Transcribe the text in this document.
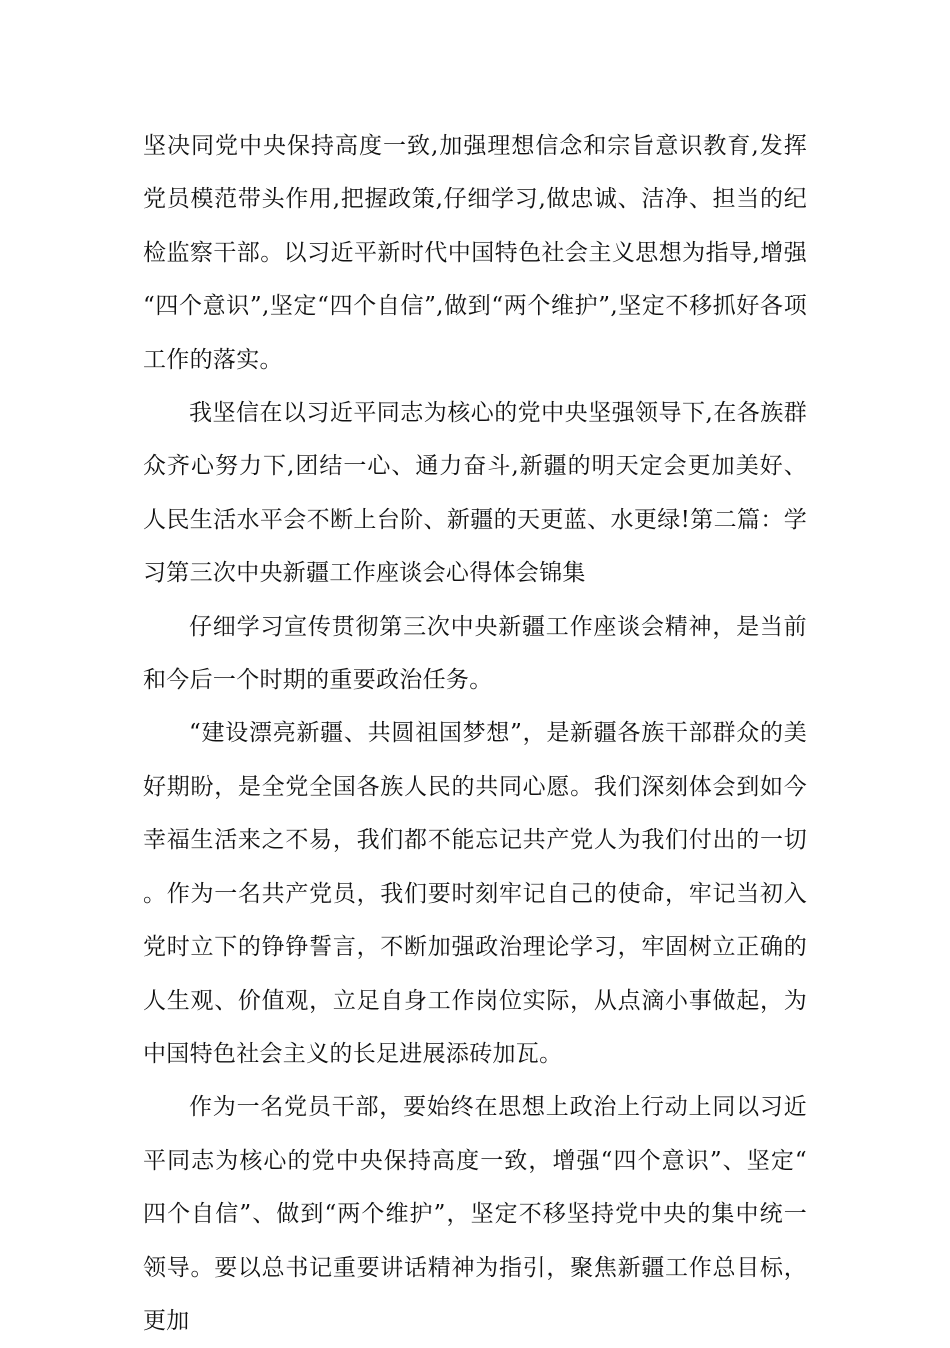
坚决同党中央保持高度一致,加强理想信念和宗旨意识教育,发挥党员模范带头作用,把握政策,仔细学习,做忠诚、洁净、担当的纪检监察干部。以习近平新时代中国特色社会主义思想为指导,增强“四个意识”,坚定“四个自信”,做到“两个维护”,坚定不移抓好各项工作的落实。

我坚信在以习近平同志为核心的党中央坚强领导下,在各族群众齐心努力下,团结一心、通力奋斗,新疆的明天定会更加美好、人民生活水平会不断上台阶、新疆的天更蓝、水更绿!第二篇：学习第三次中央新疆工作座谈会心得体会锦集

仔细学习宣传贯彻第三次中央新疆工作座谈会精神，是当前和今后一个时期的重要政治任务。

“建设漂亮新疆、共圆祖国梦想”，是新疆各族干部群众的美好期盼，是全党全国各族人民的共同心愿。我们深刻体会到如今幸福生活来之不易，我们都不能忘记共产党人为我们付出的一切。作为一名共产党员，我们要时刻牢记自己的使命，牢记当初入党时立下的铮铮誓言，不断加强政治理论学习，牢固树立正确的人生观、价值观，立足自身工作岗位实际，从点滴小事做起，为中国特色社会主义的长足进展添砖加瓦。

作为一名党员干部，要始终在思想上政治上行动上同以习近平同志为核心的党中央保持高度一致，增强“四个意识”、坚定“四个自信”、做到“两个维护”，坚定不移坚持党中央的集中统一领导。要以总书记重要讲话精神为指引，聚焦新疆工作总目标，更加
